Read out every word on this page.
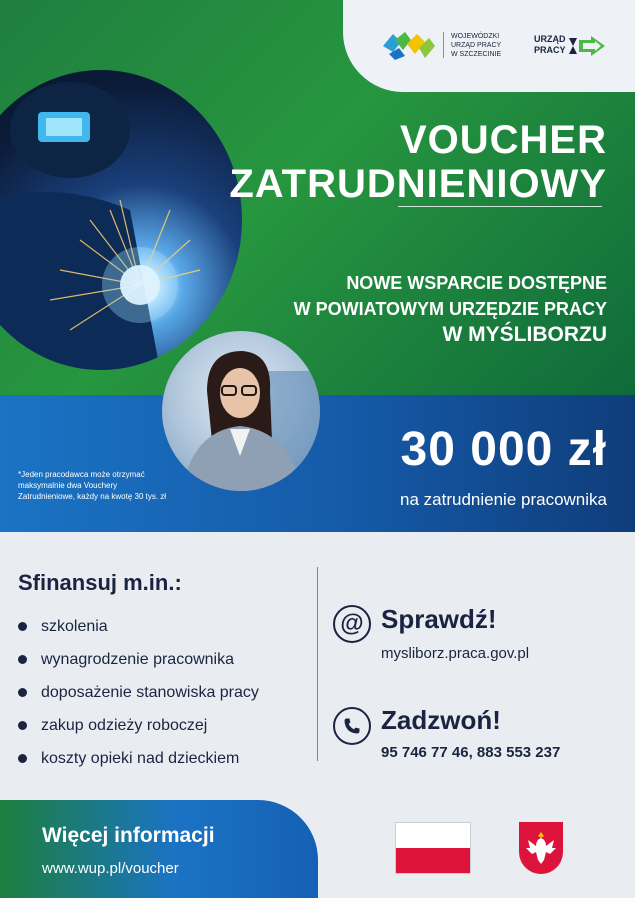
WOJEWÓDZKI
URZĄD PRACY
W SZCZECINIE
URZĄD
PRACY
VOUCHER
ZATRUDNIENIOWY
NOWE WSPARCIE DOSTĘPNE
W POWIATOWYM URZĘDZIE PRACY
W MYŚLIBORZU
30 000 zł
na zatrudnienie pracownika
*Jeden pracodawca może otrzymać maksymalnie dwa Vouchery Zatrudnieniowe, każdy na kwotę 30 tys. zł
Sfinansuj m.in.:
szkolenia
wynagrodzenie pracownika
doposażenie stanowiska pracy
zakup odzieży roboczej
koszty opieki nad dzieckiem
@ Sprawdź!
mysliborz.praca.gov.pl
Zadzwoń!
95 746 77 46, 883 553 237
Więcej informacji
www.wup.pl/voucher
